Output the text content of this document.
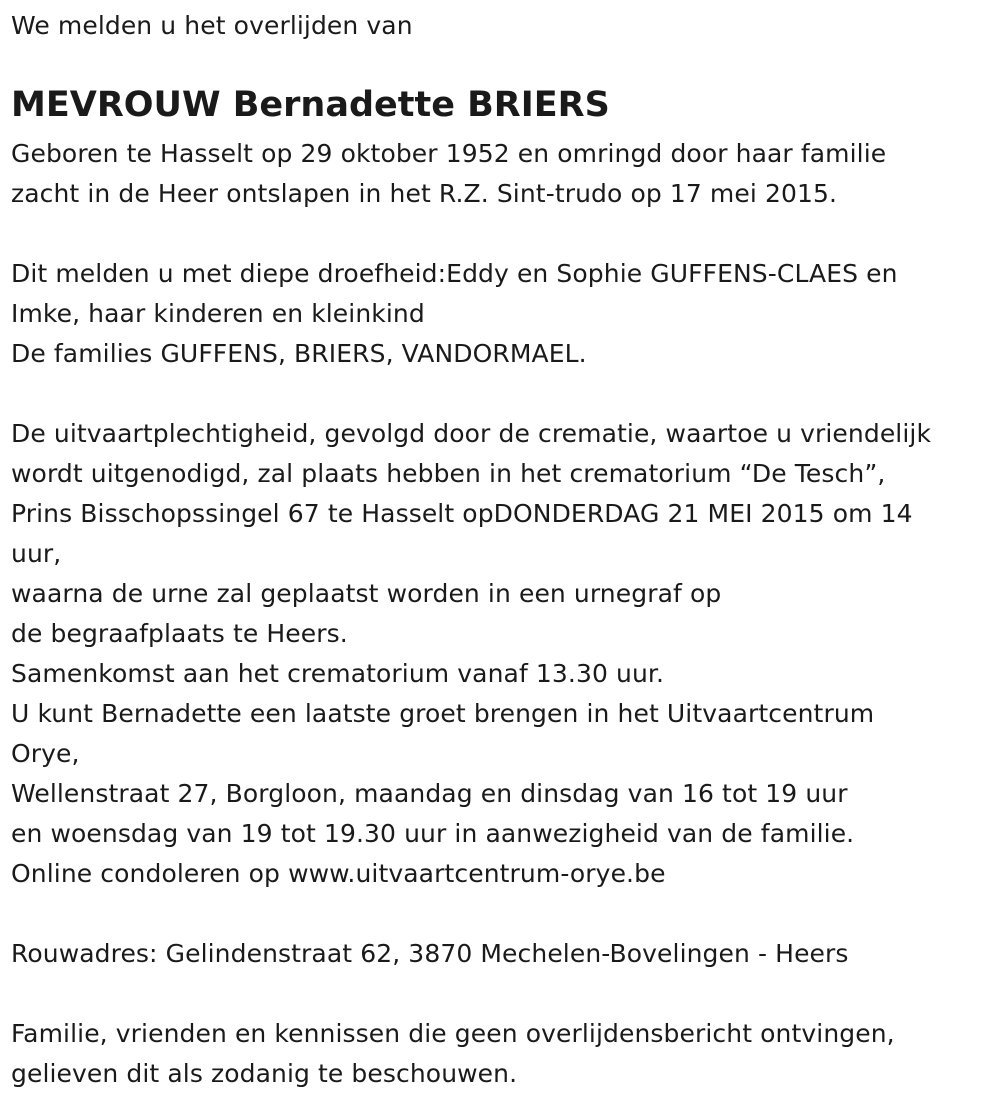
We melden u het overlijden van
MEVROUW Bernadette BRIERS
Geboren te Hasselt op 29 oktober 1952 en omringd door haar familie
zacht in de Heer ontslapen in het R.Z. Sint-trudo op 17 mei 2015.
Dit melden u met diepe droefheid:Eddy en Sophie GUFFENS-CLAES en
Imke, haar kinderen en kleinkind
De families GUFFENS, BRIERS, VANDORMAEL.
De uitvaartplechtigheid, gevolgd door de crematie, waartoe u vriendelijk
wordt uitgenodigd, zal plaats hebben in het crematorium “De Tesch”,
Prins Bisschopssingel 67 te Hasselt opDONDERDAG 21 MEI 2015 om 14
uur,
waarna de urne zal geplaatst worden in een urnegraf op
de begraafplaats te Heers.
Samenkomst aan het crematorium vanaf 13.30 uur.
U kunt Bernadette een laatste groet brengen in het Uitvaartcentrum
Orye,
Wellenstraat 27, Borgloon, maandag en dinsdag van 16 tot 19 uur
en woensdag van 19 tot 19.30 uur in aanwezigheid van de familie.
Online condoleren op www.uitvaartcentrum-orye.be
Rouwadres: Gelindenstraat 62, 3870 Mechelen-Bovelingen - Heers
Familie, vrienden en kennissen die geen overlijdensbericht ontvingen,
gelieven dit als zodanig te beschouwen.
